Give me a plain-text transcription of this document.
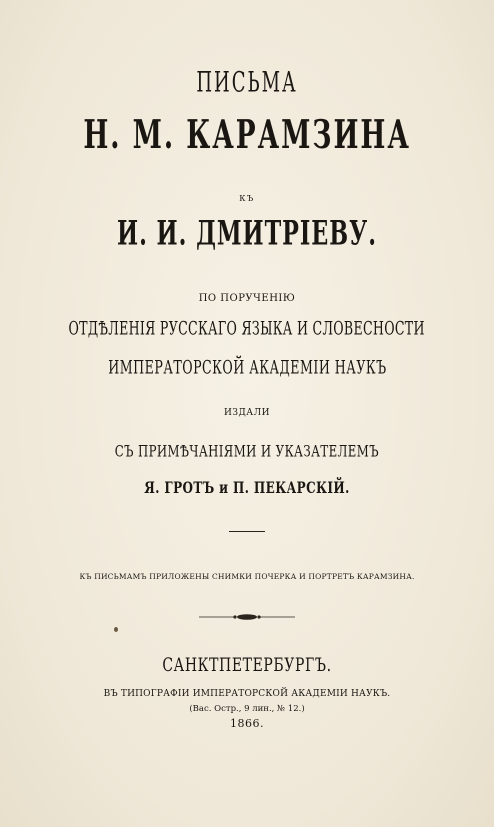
ПИСЬМА
Н. М. КАРАМЗИНА
КЪ
И. И. ДМИТРІЕВУ.
ПО ПОРУЧЕНІЮ
ОТДѢЛЕНІЯ РУССКАГО ЯЗЫКА И СЛОВЕСНОСТИ
ИМПЕРАТОРСКОЙ АКАДЕМІИ НАУКЪ
ИЗДАЛИ
СЪ ПРИМѢЧАНІЯМИ И УКАЗАТЕЛЕМЪ
Я. ГРОТЪ и П. ПЕКАРСКІЙ.
КЪ ПИСЬМАМЪ ПРИЛОЖЕНЫ СНИМКИ ПОЧЕРКА И ПОРТРЕТЪ КАРАМЗИНА.
САНКТПЕТЕРБУРГЪ.
ВЪ ТИПОГРАФІИ ИМПЕРАТОРСКОЙ АКАДЕМІИ НАУКЪ.
(Вас. Остр., 9 лин., № 12.)
1866.
